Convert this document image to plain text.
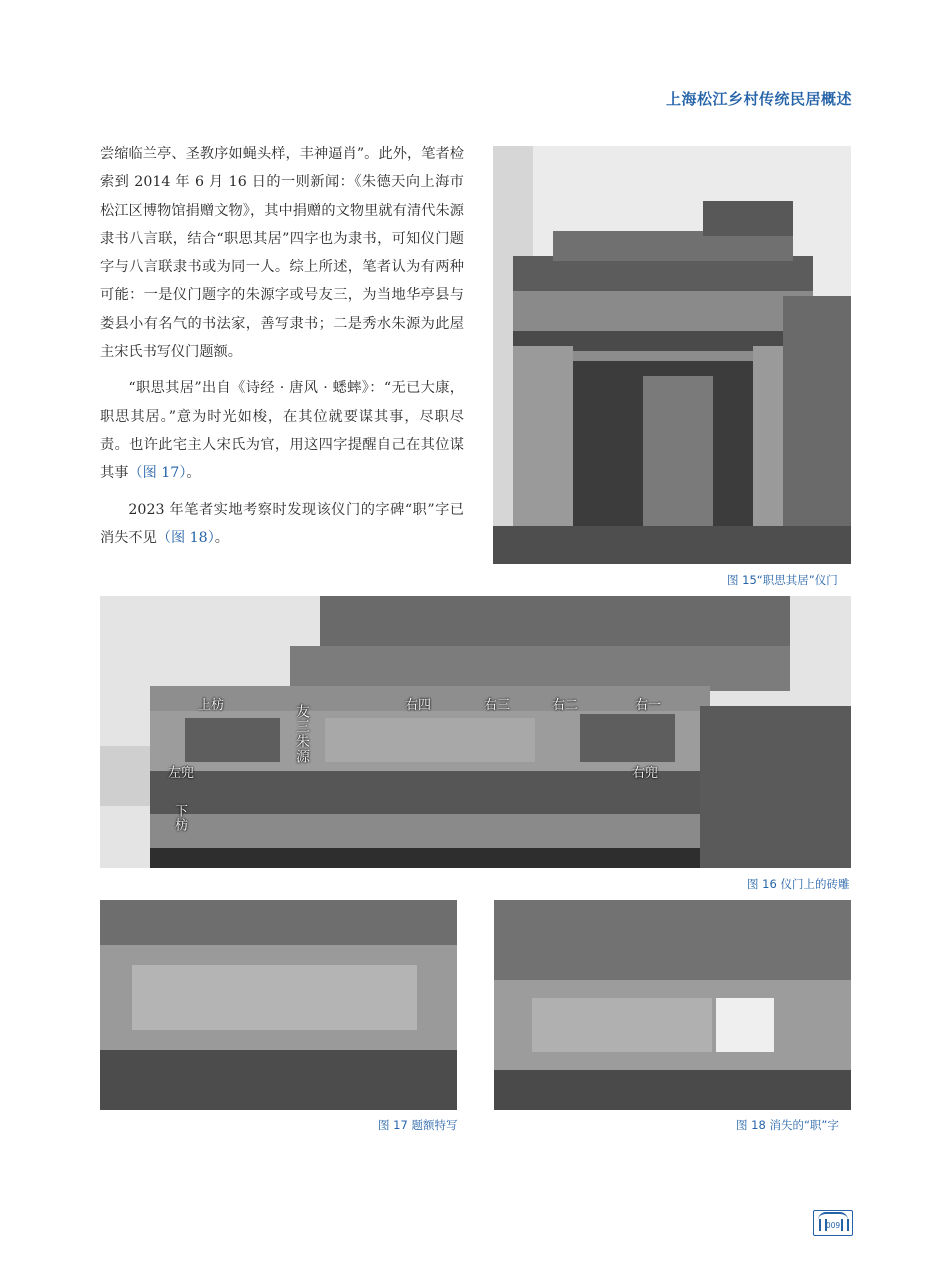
上海松江乡村传统民居概述

尝缩临兰亭、圣教序如蝇头样，丰神逼肖”。此外，笔者检索到 2014 年 6 月 16 日的一则新闻：《朱德天向上海市松江区博物馆捐赠文物》，其中捐赠的文物里就有清代朱源隶书八言联，结合“职思其居”四字也为隶书，可知仪门题字与八言联隶书或为同一人。综上所述，笔者认为有两种可能：一是仪门题字的朱源字或号友三，为当地华亭县与娄县小有名气的书法家，善写隶书；二是秀水朱源为此屋主宋氏书写仪门题额。

“职思其居”出自《诗经 · 唐风 · 蟋蟀》：“无已大康，职思其居。”意为时光如梭，在其位就要谋其事，尽职尽责。也许此宅主人宋氏为官，用这四字提醒自己在其位谋其事（图 17）。

2023 年笔者实地考察时发现该仪门的字碑“职”字已消失不见（图 18）。

图 15“职思其居”仪门
上枋
左兜
下枋
友三朱源	右四	右三	右二	右一
右兜
图 16 仪门上的砖雕
图 17 题额特写	图 18 消失的“职”字
009
